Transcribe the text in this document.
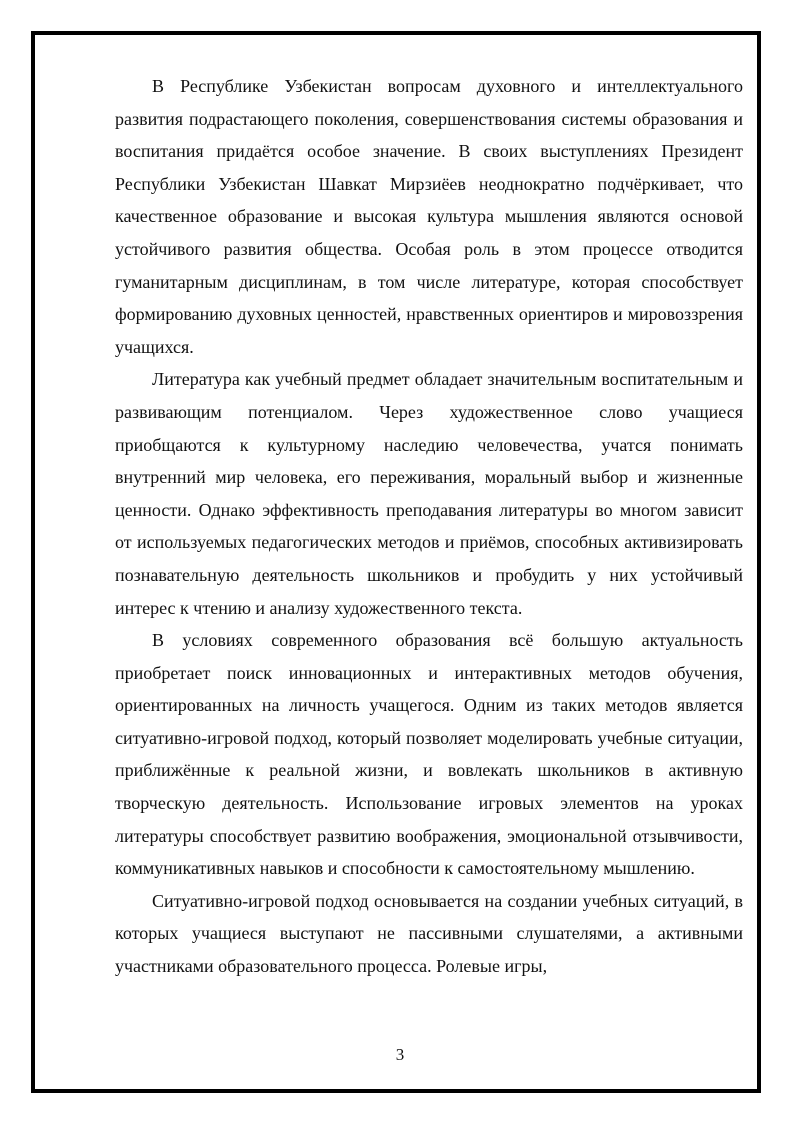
В Республике Узбекистан вопросам духовного и интеллектуального развития подрастающего поколения, совершенствования системы образования и воспитания придаётся особое значение. В своих выступлениях Президент Республики Узбекистан Шавкат Мирзиёев неоднократно подчёркивает, что качественное образование и высокая культура мышления являются основой устойчивого развития общества. Особая роль в этом процессе отводится гуманитарным дисциплинам, в том числе литературе, которая способствует формированию духовных ценностей, нравственных ориентиров и мировоззрения учащихся.

Литература как учебный предмет обладает значительным воспитательным и развивающим потенциалом. Через художественное слово учащиеся приобщаются к культурному наследию человечества, учатся понимать внутренний мир человека, его переживания, моральный выбор и жизненные ценности. Однако эффективность преподавания литературы во многом зависит от используемых педагогических методов и приёмов, способных активизировать познавательную деятельность школьников и пробудить у них устойчивый интерес к чтению и анализу художественного текста.

В условиях современного образования всё большую актуальность приобретает поиск инновационных и интерактивных методов обучения, ориентированных на личность учащегося. Одним из таких методов является ситуативно-игровой подход, который позволяет моделировать учебные ситуации, приближённые к реальной жизни, и вовлекать школьников в активную творческую деятельность. Использование игровых элементов на уроках литературы способствует развитию воображения, эмоциональной отзывчивости, коммуникативных навыков и способности к самостоятельному мышлению.

Ситуативно-игровой подход основывается на создании учебных ситуаций, в которых учащиеся выступают не пассивными слушателями, а активными участниками образовательного процесса. Ролевые игры,

3
